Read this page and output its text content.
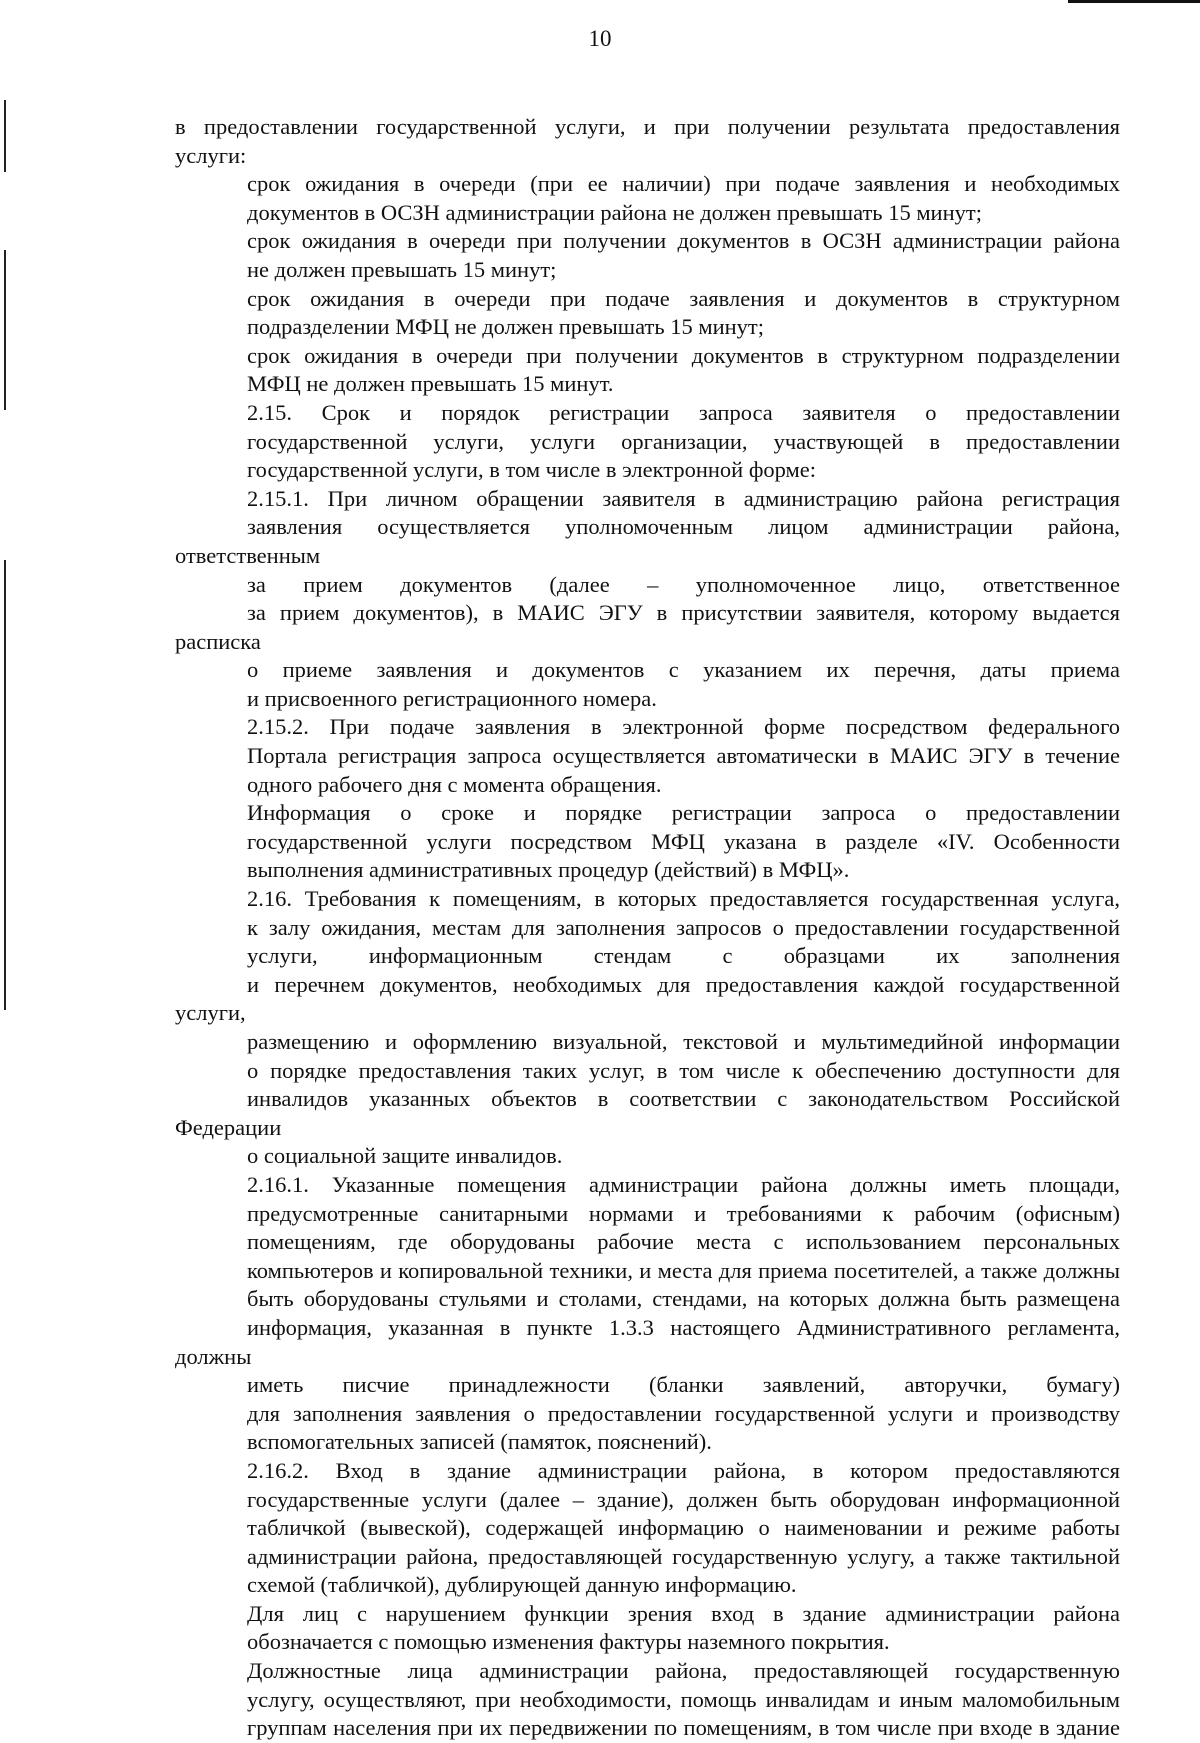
10
в предоставлении государственной услуги, и при получении результата предоставления
услуги:
срок ожидания в очереди (при ее наличии) при подаче заявления и необходимых
документов в ОСЗН администрации района не должен превышать 15 минут;
срок ожидания в очереди при получении документов в ОСЗН администрации района
не должен превышать 15 минут;
срок ожидания в очереди при подаче заявления и документов в структурном
подразделении МФЦ не должен превышать 15 минут;
срок ожидания в очереди при получении документов в структурном подразделении
МФЦ не должен превышать 15 минут.
2.15. Срок и порядок регистрации запроса заявителя о предоставлении
государственной услуги, услуги организации, участвующей в предоставлении
государственной услуги, в том числе в электронной форме:
2.15.1. При личном обращении заявителя в администрацию района регистрация
заявления осуществляется уполномоченным лицом администрации района, ответственным
за прием документов (далее – уполномоченное лицо, ответственное
за прием документов), в МАИС ЭГУ в присутствии заявителя, которому выдается расписка
о приеме заявления и документов с указанием их перечня, даты приема
и присвоенного регистрационного номера.
2.15.2. При подаче заявления в электронной форме посредством федерального
Портала регистрация запроса осуществляется автоматически в МАИС ЭГУ в течение
одного рабочего дня с момента обращения.
Информация о сроке и порядке регистрации запроса о предоставлении
государственной услуги посредством МФЦ указана в разделе «IV. Особенности
выполнения административных процедур (действий) в МФЦ».
2.16. Требования к помещениям, в которых предоставляется государственная услуга,
к залу ожидания, местам для заполнения запросов о предоставлении государственной
услуги, информационным стендам с образцами их заполнения
и перечнем документов, необходимых для предоставления каждой государственной услуги,
размещению и оформлению визуальной, текстовой и мультимедийной информации
о порядке предоставления таких услуг, в том числе к обеспечению доступности для
инвалидов указанных объектов в соответствии с законодательством Российской Федерации
о социальной защите инвалидов.
2.16.1. Указанные помещения администрации района должны иметь площади,
предусмотренные санитарными нормами и требованиями к рабочим (офисным)
помещениям, где оборудованы рабочие места с использованием персональных
компьютеров и копировальной техники, и места для приема посетителей, а также должны
быть оборудованы стульями и столами, стендами, на которых должна быть размещена
информация, указанная в пункте 1.3.3 настоящего Административного регламента, должны
иметь писчие принадлежности (бланки заявлений, авторучки, бумагу)
для заполнения заявления о предоставлении государственной услуги и производству
вспомогательных записей (памяток, пояснений).
2.16.2. Вход в здание администрации района, в котором предоставляются
государственные услуги (далее – здание), должен быть оборудован информационной
табличкой (вывеской), содержащей информацию о наименовании и режиме работы
администрации района, предоставляющей государственную услугу, а также тактильной
схемой (табличкой), дублирующей данную информацию.
Для лиц с нарушением функции зрения вход в здание администрации района
обозначается с помощью изменения фактуры наземного покрытия.
Должностные лица администрации района, предоставляющей государственную
услугу, осуществляют, при необходимости, помощь инвалидам и иным маломобильным
группам населения при их передвижении по помещениям, в том числе при входе в здание
